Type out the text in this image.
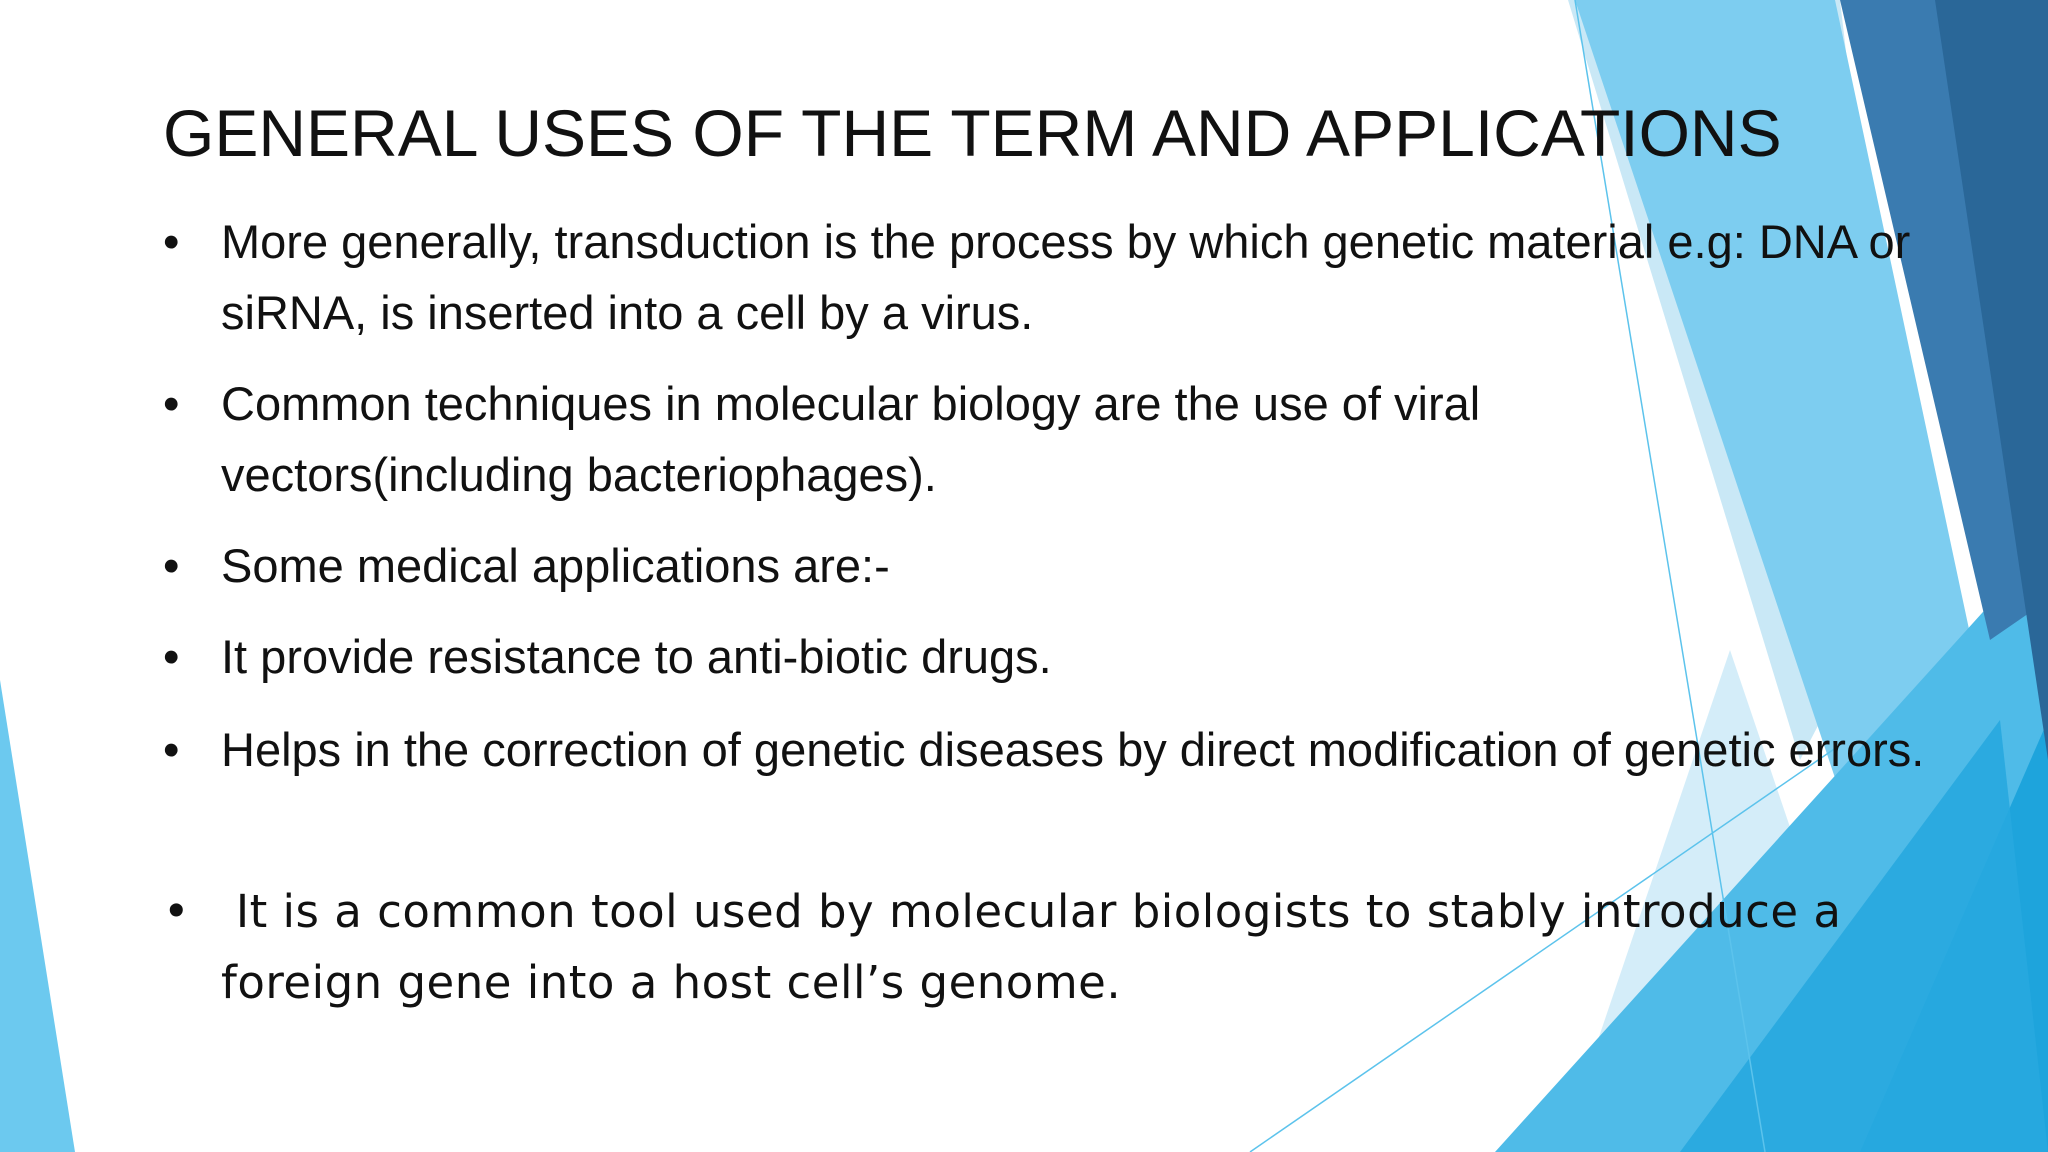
GENERAL USES OF THE TERM AND APPLICATIONS
• More generally, transduction is the process by which genetic material e.g: DNA or siRNA, is inserted into a cell by a virus.
• Common techniques in molecular biology are the use of viral vectors(including bacteriophages).
• Some medical applications are:-
• It provide resistance to anti-biotic drugs.
• Helps in the correction of genetic diseases by direct modification of genetic errors.
• It is a common tool used by molecular biologists to stably introduce a foreign gene into a host cell’s genome.
